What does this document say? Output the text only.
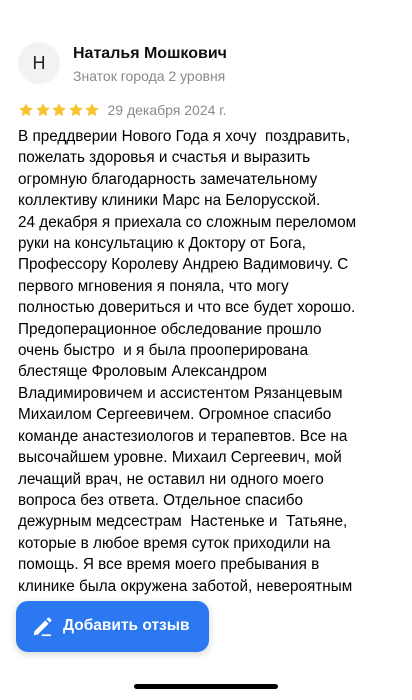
Н Наталья Мошкович
Знаток города 2 уровня
29 декабря 2024 г.
В преддверии Нового Года я хочу  поздравить,
пожелать здоровья и счастья и выразить
огромную благодарность замечательному
коллективу клиники Марс на Белорусской.
24 декабря я приехала со сложным переломом
руки на консультацию к Доктору от Бога,
Профессору Королеву Андрею Вадимовичу. С
первого мгновения я поняла, что могу
полностью довериться и что все будет хорошо.
Предоперационное обследование прошло
очень быстро  и я была прооперирована
блестяще Фроловым Александром
Владимировичем и ассистентом Рязанцевым
Михаилом Сергеевичем. Огромное спасибо
команде анастезиологов и терапевтов. Все на
высочайшем уровне. Михаил Сергеевич, мой
лечащий врач, не оставил ни одного моего
вопроса без ответа. Отдельное спасибо
дежурным медсестрам  Настеньке и  Татьяне,
которые в любое время суток приходили на
помощь. Я все время моего пребывания в
клинике была окружена заботой, невероятным
Добавить отзыв
